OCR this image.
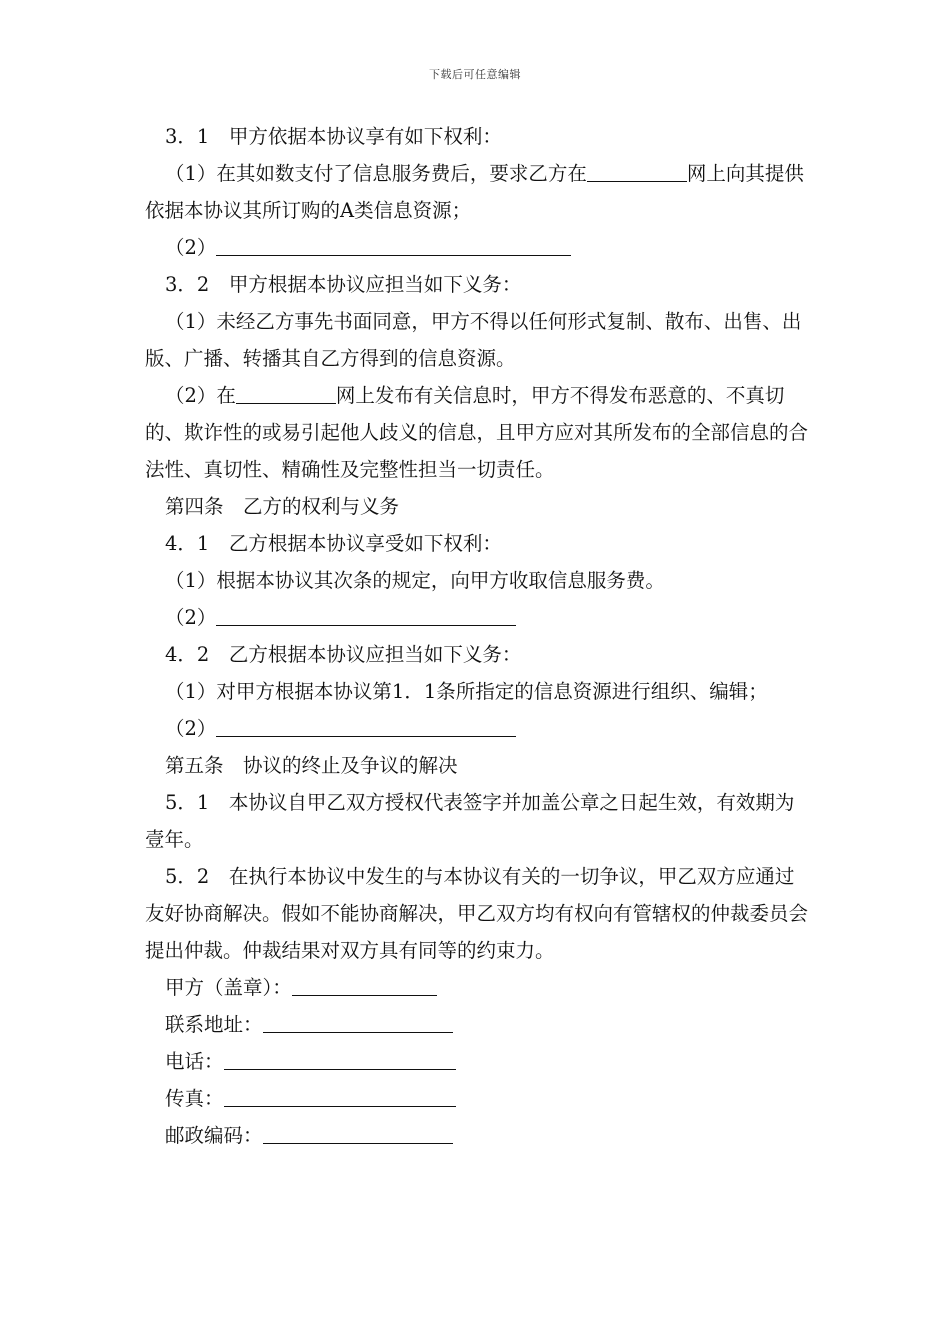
下载后可任意编辑

3．1　甲方依据本协议享有如下权利：

（1）在其如数支付了信息服务费后，要求乙方在	网上向其提供依据本协议其所订购的A类信息资源；

（2）

3．2　甲方根据本协议应担当如下义务：

（1）未经乙方事先书面同意，甲方不得以任何形式复制、散布、出售、出版、广播、转播其自乙方得到的信息资源。

（2）在	网上发布有关信息时，甲方不得发布恶意的、不真切的、欺诈性的或易引起他人歧义的信息，且甲方应对其所发布的全部信息的合法性、真切性、精确性及完整性担当一切责任。

第四条　乙方的权利与义务

4．1　乙方根据本协议享受如下权利：

（1）根据本协议其次条的规定，向甲方收取信息服务费。

（2）

4．2　乙方根据本协议应担当如下义务：

（1）对甲方根据本协议第1．1条所指定的信息资源进行组织、编辑；

（2）

第五条　协议的终止及争议的解决

5．1　本协议自甲乙双方授权代表签字并加盖公章之日起生效，有效期为壹年。

5．2　在执行本协议中发生的与本协议有关的一切争议，甲乙双方应通过友好协商解决。假如不能协商解决，甲乙双方均有权向有管辖权的仲裁委员会提出仲裁。仲裁结果对双方具有同等的约束力。

甲方（盖章）：

联系地址：

电话：

传真：

邮政编码：
